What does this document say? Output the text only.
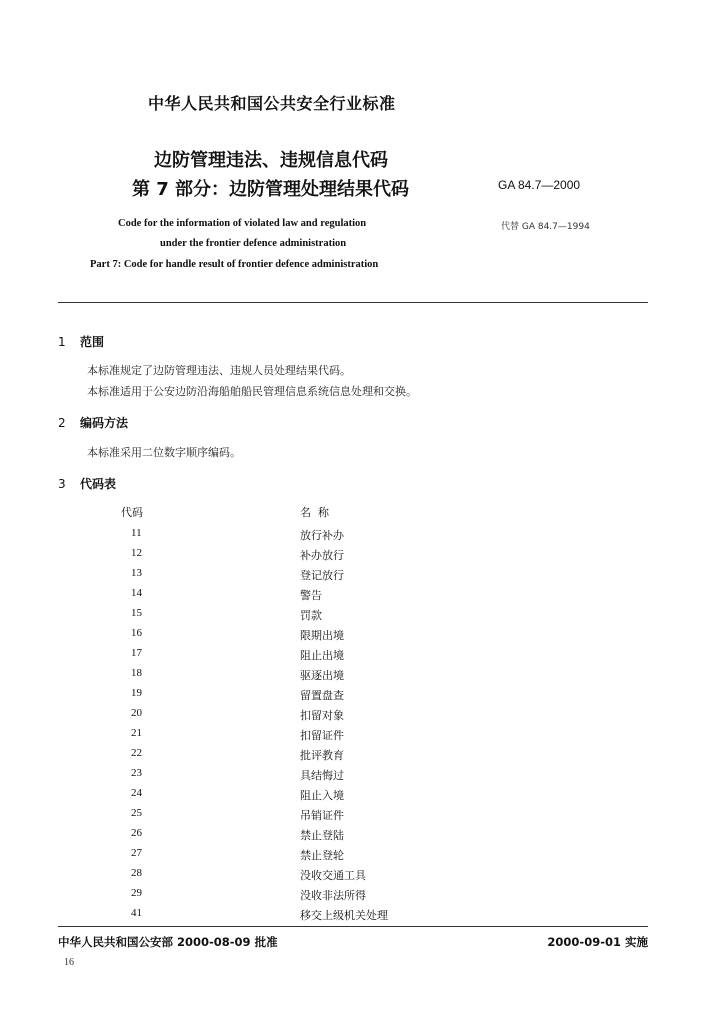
中华人民共和国公共安全行业标准
边防管理违法、违规信息代码
第 7 部分：边防管理处理结果代码	GA 84.7—2000
代替 GA 84.7—1994
Code for the information of violated law and regulation
under the frontier defence administration
Part 7: Code for handle result of frontier defence administration
1 范围
本标准规定了边防管理违法、违规人员处理结果代码。
本标准适用于公安边防沿海船舶船民管理信息系统信息处理和交换。
2 编码方法
本标准采用二位数字顺序编码。
3 代码表
代码	名  称
11	放行补办
12	补办放行
13	登记放行
14	警告
15	罚款
16	限期出境
17	阻止出境
18	驱逐出境
19	留置盘查
20	扣留对象
21	扣留证件
22	批评教育
23	具结悔过
24	阻止入境
25	吊销证件
26	禁止登陆
27	禁止登轮
28	没收交通工具
29	没收非法所得
41	移交上级机关处理
中华人民共和国公安部 2000-08-09 批准	2000-09-01 实施
16
